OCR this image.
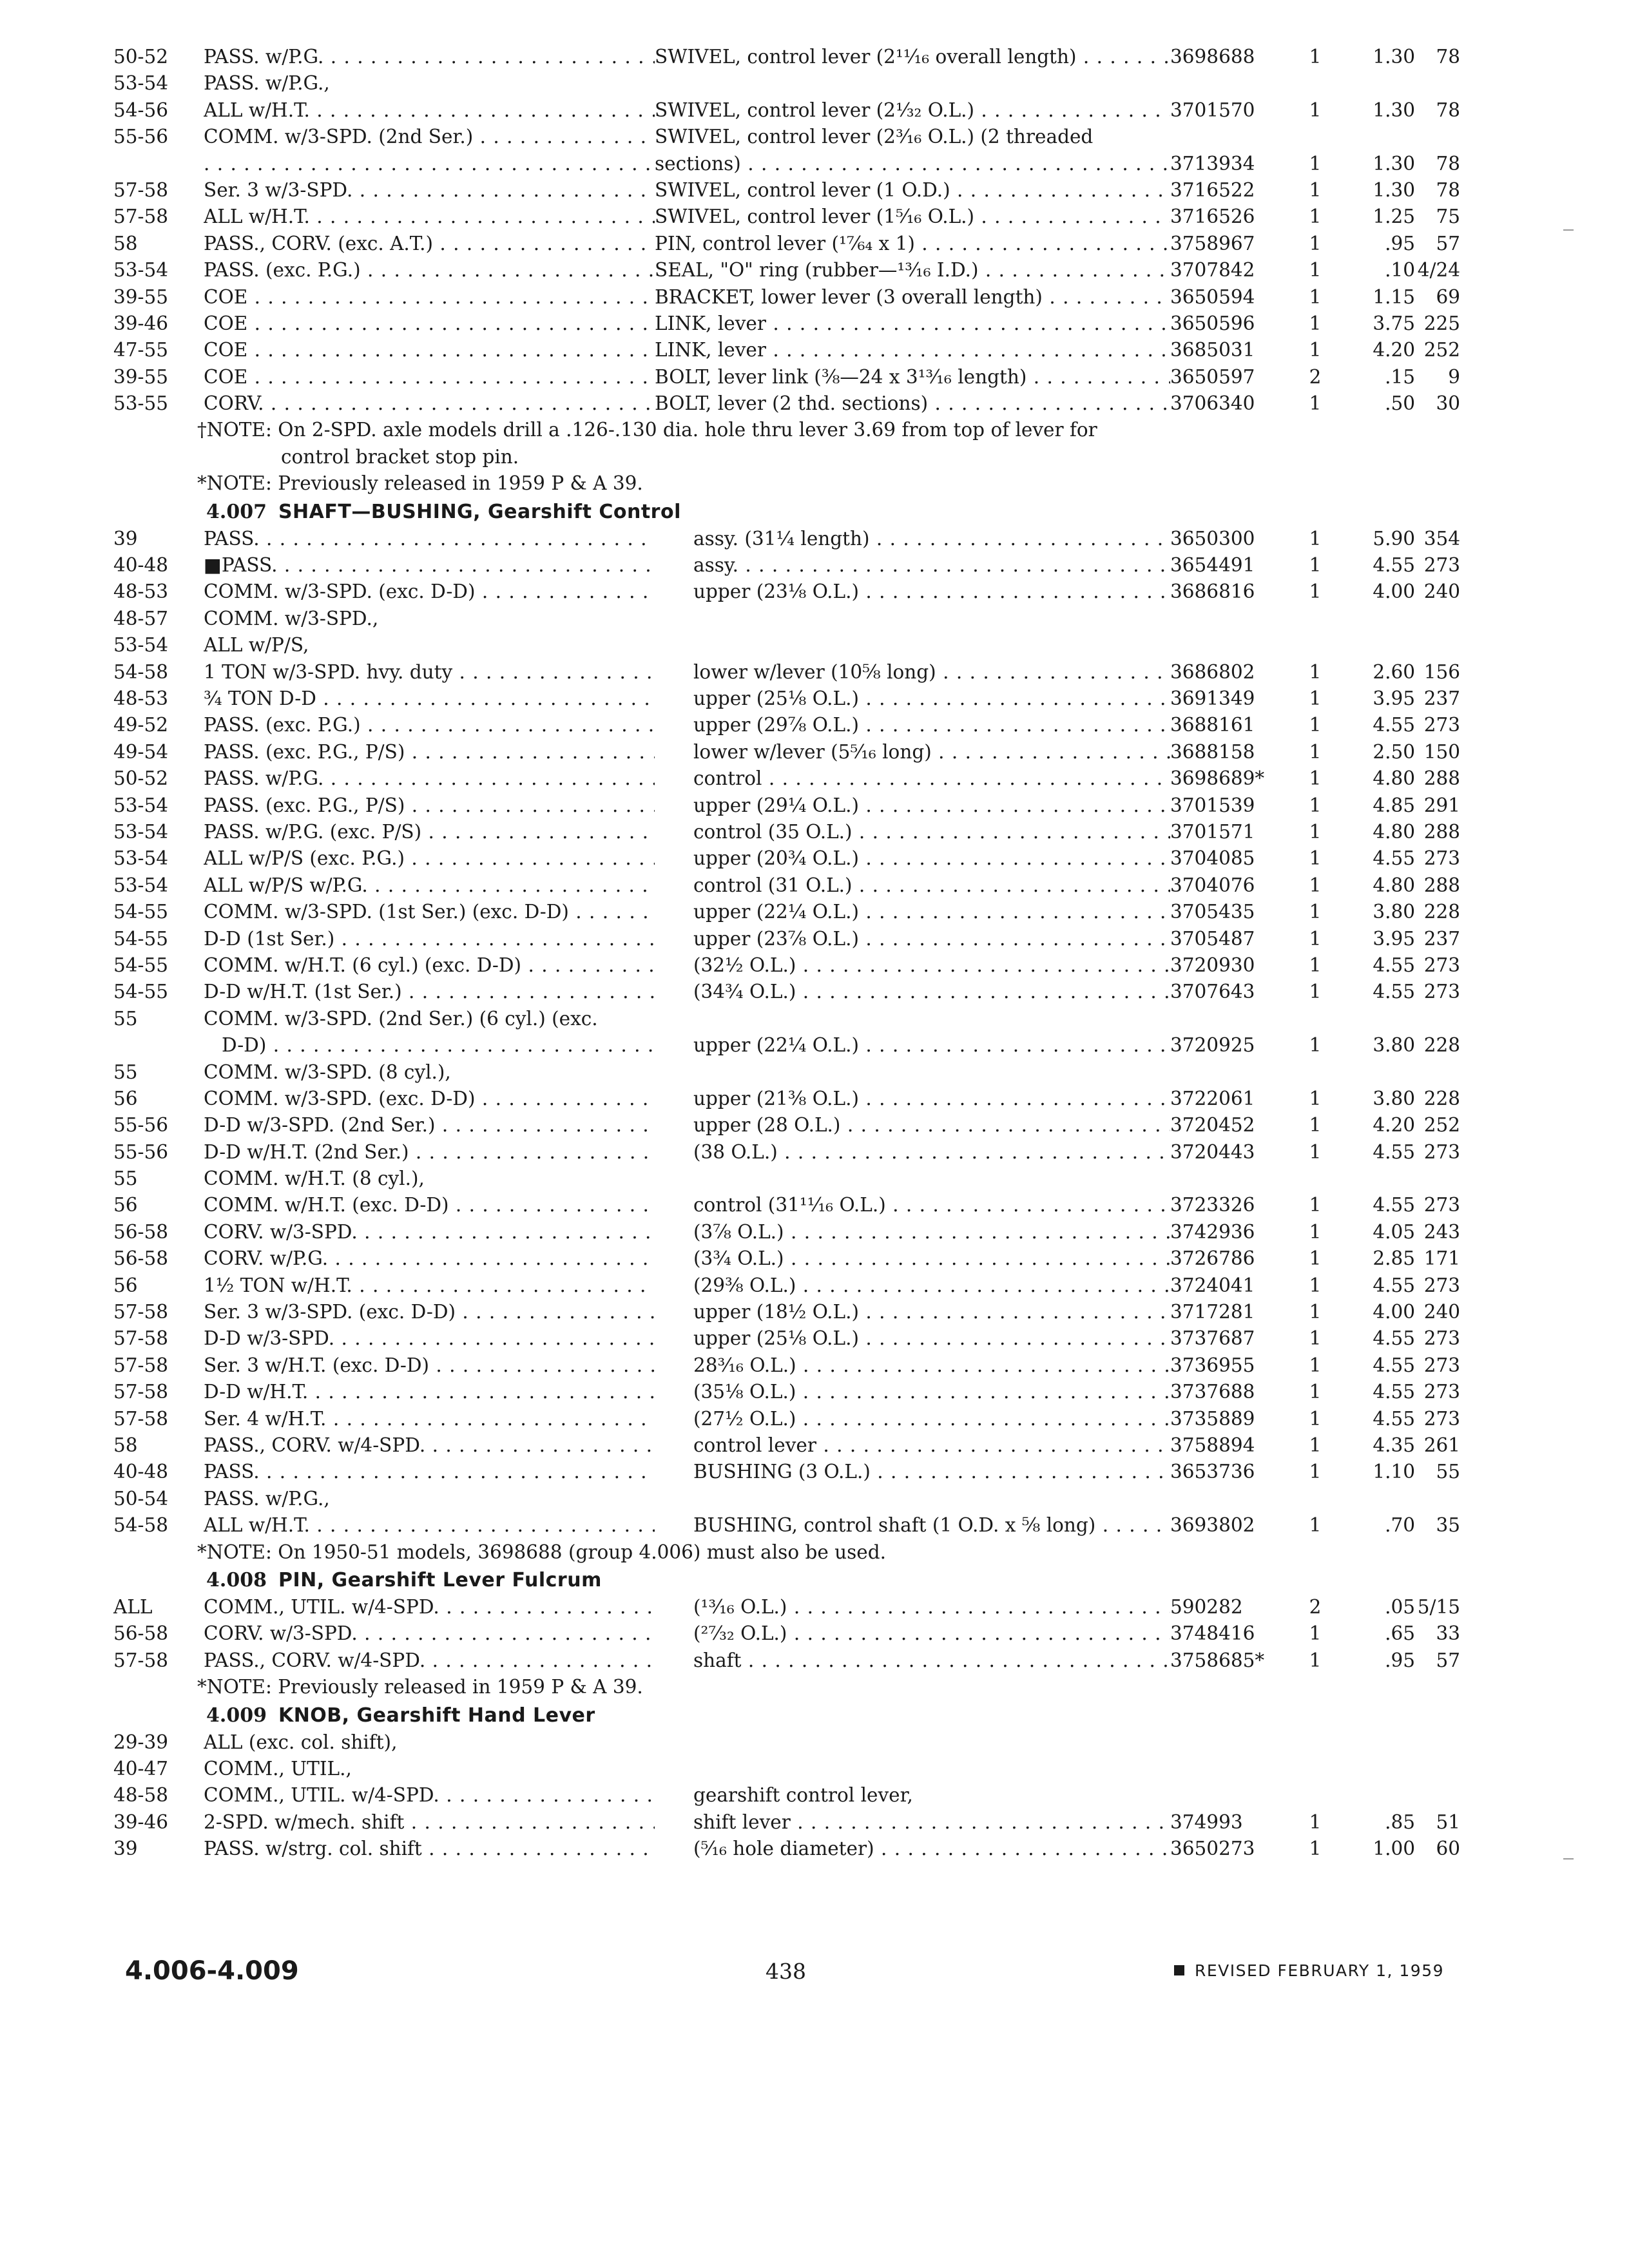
50-52	PASS. w/P.G. . . .	SWIVEL, control lever (2¹¹⁄₁₆ overall length) . . .	3698688	1	1.30	78
53-54	PASS. w/P.G.,
54-56	ALL w/H.T. . . .	SWIVEL, control lever (2¹⁄₃₂ O.L.) . . .	3701570	1	1.30	78
55-56	COMM. w/3-SPD. (2nd Ser.) . . .	SWIVEL, control lever (2³⁄₁₆ O.L.) (2 threaded
. . .
sections) . . .	3713934	1	1.30	78
57-58	Ser. 3 w/3-SPD. . . .	SWIVEL, control lever (1 O.D.) . . .	3716522	1	1.30	78
57-58	ALL w/H.T. . . .	SWIVEL, control lever (1⁵⁄₁₆ O.L.) . . .	3716526	1	1.25	75
58	PASS., CORV. (exc. A.T.) . . .	PIN, control lever (¹⁷⁄₆₄ x 1) . . .	3758967	1	.95	57
53-54	PASS. (exc. P.G.) . . .	SEAL, "O" ring (rubber—¹³⁄₁₆ I.D.) . . .	3707842	1	.10 4/24
39-55	COE . . .	BRACKET, lower lever (3 overall length) . . .	3650594	1	1.15	69
39-46	COE . . .	LINK, lever . . .	3650596	1	3.75 225
47-55	COE . . .	LINK, lever . . .	3685031	1	4.20 252
39-55	COE . . .	BOLT, lever link (⅜—24 x 3¹³⁄₁₆ length) . . .	3650597	2	.15	9
53-55	CORV. . . .	BOLT, lever (2 thd. sections) . . .	3706340	1	.50	30
†NOTE: On 2-SPD. axle models drill a .126-.130 dia. hole thru lever 3.69 from top of lever for
control bracket stop pin.
*NOTE: Previously released in 1959 P & A 39.
4.007 SHAFT—BUSHING, Gearshift Control
39	PASS. . . .	assy. (31¼ length) . . .	3650300	1	5.90 354
40-48	■PASS. . . .	assy. . . .	3654491	1	4.55 273
48-53	COMM. w/3-SPD. (exc. D-D) . . .	upper (23⅛ O.L.) . . .	3686816	1	4.00 240
48-57	COMM. w/3-SPD.,
53-54	ALL w/P/S,
54-58	1 TON w/3-SPD. hvy. duty . . .	lower w/lever (10⅝ long) . . .	3686802	1	2.60 156
48-53	¾ TON D-D . . .	upper (25⅛ O.L.) . . .	3691349	1	3.95 237
49-52	PASS. (exc. P.G.) . . .	upper (29⅞ O.L.) . . .	3688161	1	4.55 273
49-54	PASS. (exc. P.G., P/S) . . .	lower w/lever (5⁵⁄₁₆ long) . . .	3688158	1	2.50 150
50-52	PASS. w/P.G. . . .	control . . .	3698689*	1	4.80 288
53-54	PASS. (exc. P.G., P/S) . . .	upper (29¼ O.L.) . . .	3701539	1	4.85 291
53-54	PASS. w/P.G. (exc. P/S) . . .	control (35 O.L.) . . .	3701571	1	4.80 288
53-54	ALL w/P/S (exc. P.G.) . . .	upper (20¾ O.L.) . . .	3704085	1	4.55 273
53-54	ALL w/P/S w/P.G. . . .	control (31 O.L.) . . .	3704076	1	4.80 288
54-55	COMM. w/3-SPD. (1st Ser.) (exc. D-D) . . .	upper (22¼ O.L.) . . .	3705435	1	3.80 228
54-55	D-D (1st Ser.) . . .	upper (23⅞ O.L.) . . .	3705487	1	3.95 237
54-55	COMM. w/H.T. (6 cyl.) (exc. D-D) . . .	(32½ O.L.) . . .	3720930	1	4.55 273
54-55	D-D w/H.T. (1st Ser.) . . .	(34¾ O.L.) . . .	3707643	1	4.55 273
55	COMM. w/3-SPD. (2nd Ser.) (6 cyl.) (exc.
D-D) . . .	upper (22¼ O.L.) . . .	3720925	1	3.80 228
55	COMM. w/3-SPD. (8 cyl.),
56	COMM. w/3-SPD. (exc. D-D) . . .	upper (21⅜ O.L.) . . .	3722061	1	3.80 228
55-56	D-D w/3-SPD. (2nd Ser.) . . .	upper (28 O.L.) . . .	3720452	1	4.20 252
55-56	D-D w/H.T. (2nd Ser.) . . .	(38 O.L.) . . .	3720443	1	4.55 273
55	COMM. w/H.T. (8 cyl.),
56	COMM. w/H.T. (exc. D-D) . . .	control (31¹¹⁄₁₆ O.L.) . . .	3723326	1	4.55 273
56-58	CORV. w/3-SPD. . . .	(3⅞ O.L.) . . .	3742936	1	4.05 243
56-58	CORV. w/P.G. . . .	(3¾ O.L.) . . .	3726786	1	2.85 171
56	1½ TON w/H.T. . . .	(29⅜ O.L.) . . .	3724041	1	4.55 273
57-58	Ser. 3 w/3-SPD. (exc. D-D) . . .	upper (18½ O.L.) . . .	3717281	1	4.00 240
57-58	D-D w/3-SPD. . . .	upper (25⅛ O.L.) . . .	3737687	1	4.55 273
57-58	Ser. 3 w/H.T. (exc. D-D) . . .	28³⁄₁₆ O.L.) . . .	3736955	1	4.55 273
57-58	D-D w/H.T. . . .	(35⅛ O.L.) . . .	3737688	1	4.55 273
57-58	Ser. 4 w/H.T. . . .	(27½ O.L.) . . .	3735889	1	4.55 273
58	PASS., CORV. w/4-SPD. . . .	control lever . . .	3758894	1	4.35 261
40-48	PASS. . . .	BUSHING (3 O.L.) . . .	3653736	1	1.10	55
50-54	PASS. w/P.G.,
54-58	ALL w/H.T. . . .	BUSHING, control shaft (1 O.D. x ⅝ long) . . .	3693802	1	.70	35
*NOTE: On 1950-51 models, 3698688 (group 4.006) must also be used.
4.008 PIN, Gearshift Lever Fulcrum
ALL	COMM., UTIL. w/4-SPD. . . .	(¹³⁄₁₆ O.L.) . . .	590282	2	.05 5/15
56-58	CORV. w/3-SPD. . . .	(²⁷⁄₃₂ O.L.) . . .	3748416	1	.65	33
57-58	PASS., CORV. w/4-SPD. . . .	shaft . . .	3758685*	1	.95	57
*NOTE: Previously released in 1959 P & A 39.
4.009 KNOB, Gearshift Hand Lever
29-39	ALL (exc. col. shift),
40-47	COMM., UTIL.,
48-58	COMM., UTIL. w/4-SPD. . . .	gearshift control lever,
39-46	2-SPD. w/mech. shift . . .	shift lever . . .	374993	1	.85	51
39	PASS. w/strg. col. shift . . .	(⁵⁄₁₆ hole diameter) . . .	3650273	1	1.00	60
4.006-4.009	438	REVISED FEBRUARY 1, 1959
